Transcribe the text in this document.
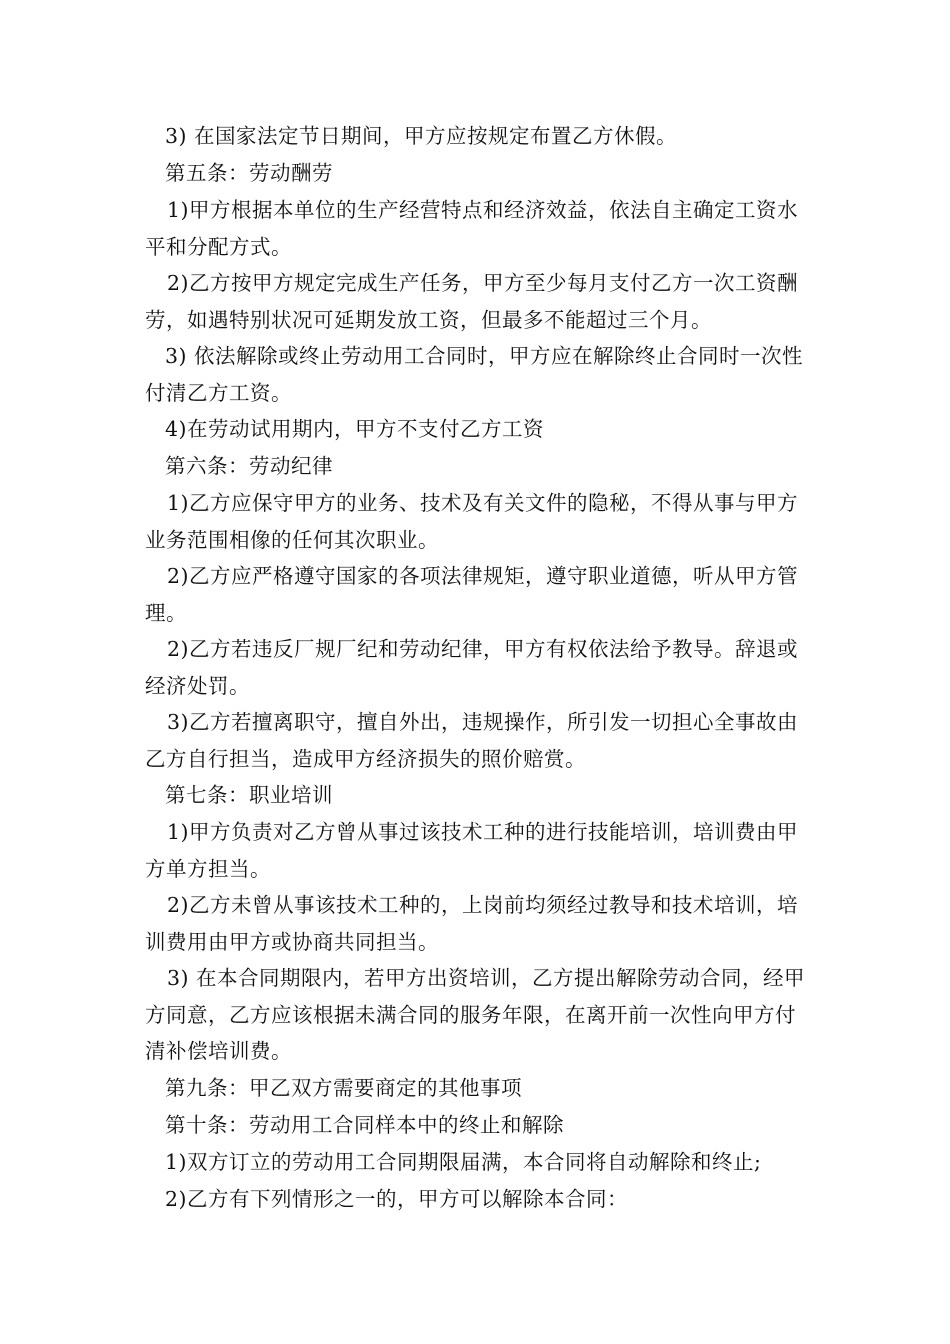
3) 在国家法定节日期间，甲方应按规定布置乙方休假。
第五条：劳动酬劳
1)甲方根据本单位的生产经营特点和经济效益，依法自主确定工资水平和分配方式。
2)乙方按甲方规定完成生产任务，甲方至少每月支付乙方一次工资酬劳，如遇特别状况可延期发放工资，但最多不能超过三个月。
3) 依法解除或终止劳动用工合同时，甲方应在解除终止合同时一次性付清乙方工资。
4)在劳动试用期内，甲方不支付乙方工资
第六条：劳动纪律
1)乙方应保守甲方的业务、技术及有关文件的隐秘，不得从事与甲方业务范围相像的任何其次职业。
2)乙方应严格遵守国家的各项法律规矩，遵守职业道德，听从甲方管理。
2)乙方若违反厂规厂纪和劳动纪律，甲方有权依法给予教导。辞退或经济处罚。
3)乙方若擅离职守，擅自外出，违规操作，所引发一切担心全事故由乙方自行担当，造成甲方经济损失的照价赔赏。
第七条：职业培训
1)甲方负责对乙方曾从事过该技术工种的进行技能培训，培训费由甲方单方担当。
2)乙方未曾从事该技术工种的，上岗前均须经过教导和技术培训，培训费用由甲方或协商共同担当。
3) 在本合同期限内，若甲方出资培训，乙方提出解除劳动合同，经甲方同意，乙方应该根据未满合同的服务年限，在离开前一次性向甲方付清补偿培训费。
第九条：甲乙双方需要商定的其他事项
第十条：劳动用工合同样本中的终止和解除
1)双方订立的劳动用工合同期限届满，本合同将自动解除和终止;
2)乙方有下列情形之一的，甲方可以解除本合同：
